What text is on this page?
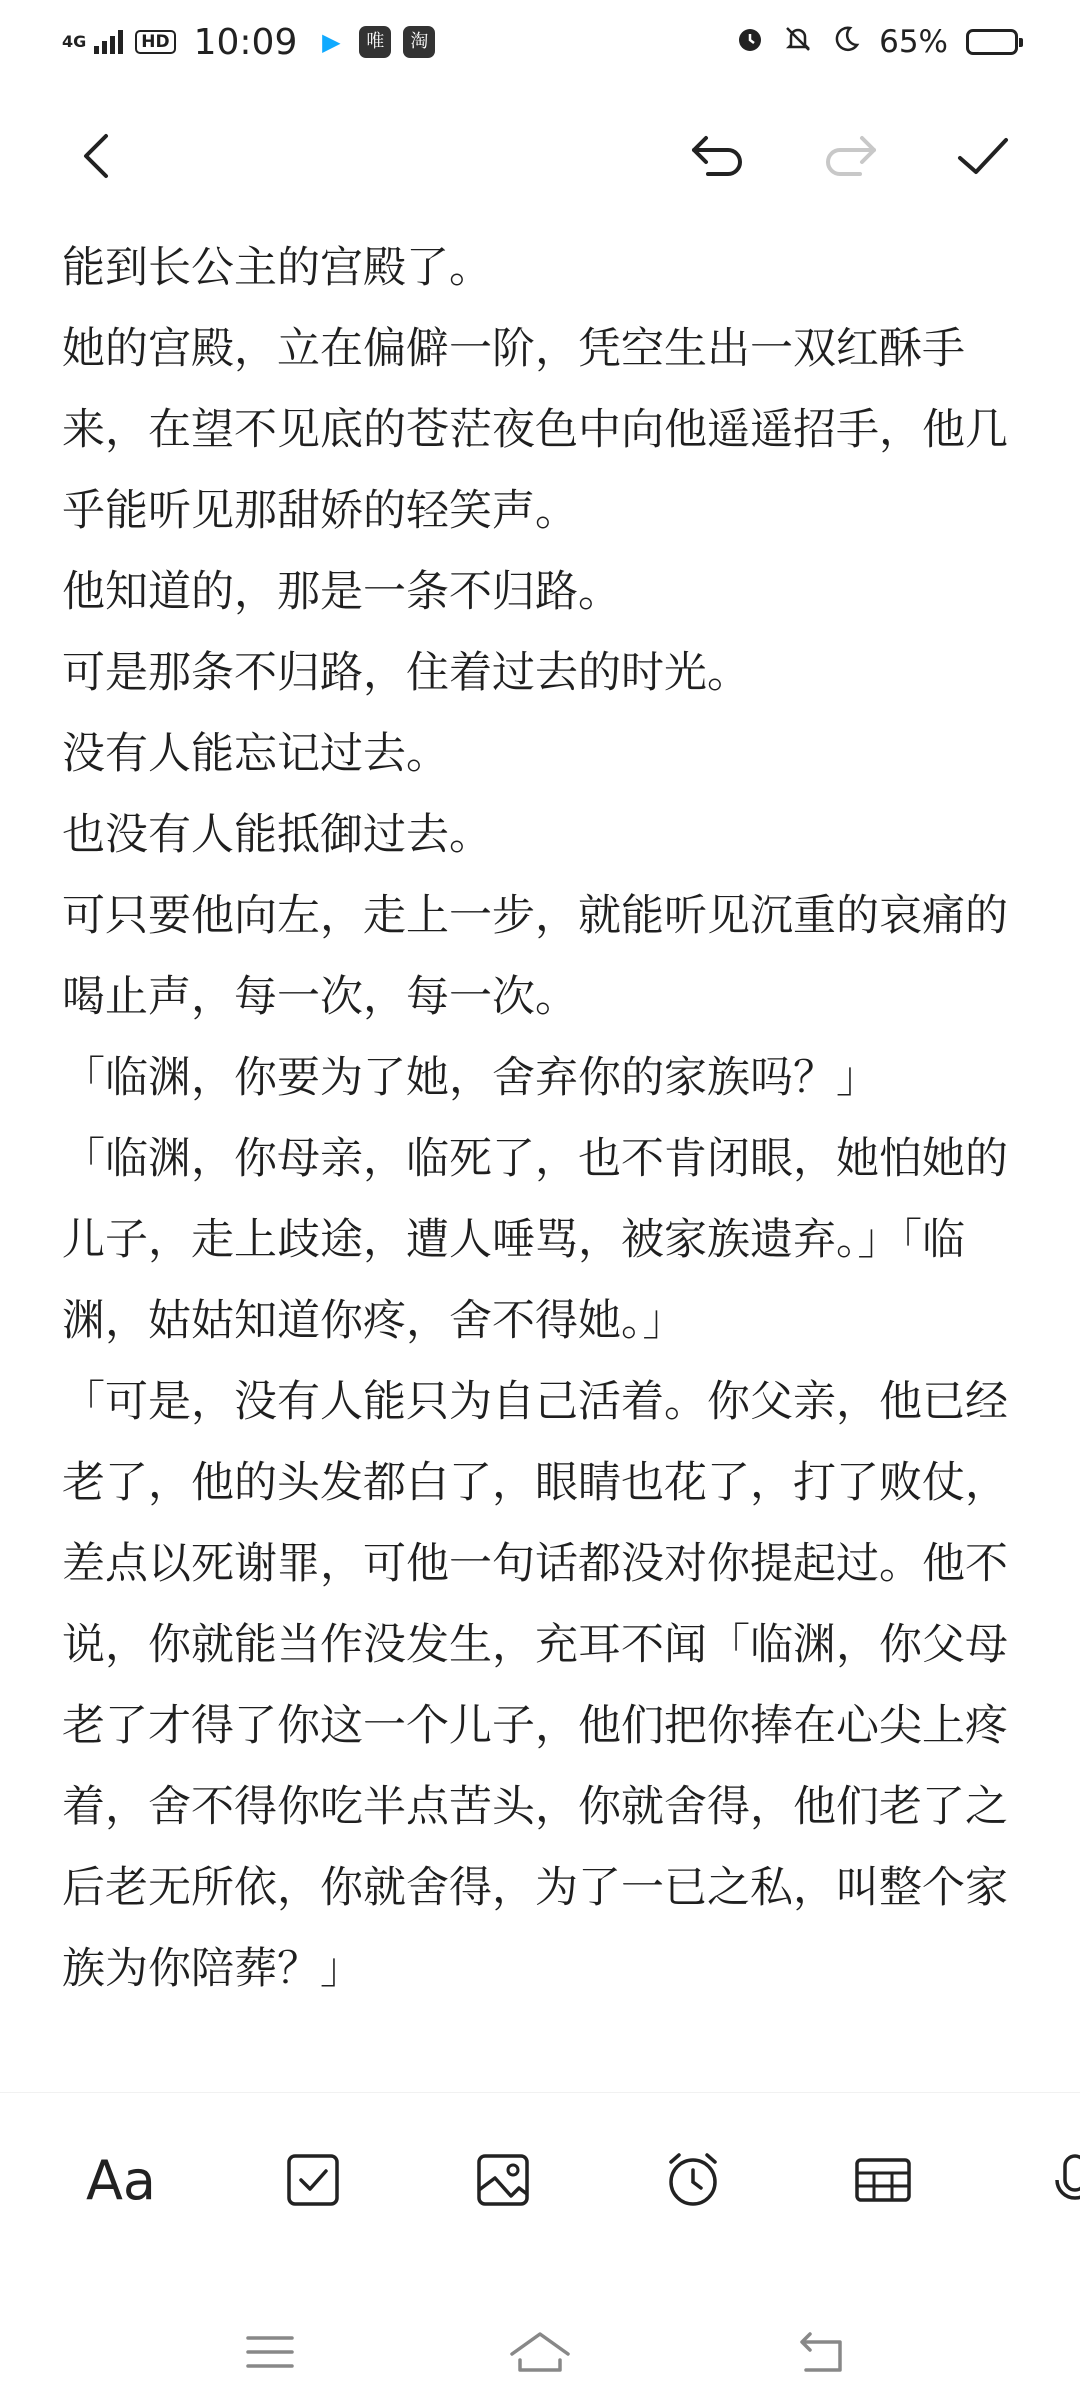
4G	HD 10:09 ▶	唯	淘	65%

能到长公主的宫殿了。

她的宫殿，立在偏僻一阶，凭空生出一双红酥手来，在望不见底的苍茫夜色中向他遥遥招手，他几乎能听见那甜娇的轻笑声。

他知道的，那是一条不归路。

可是那条不归路，住着过去的时光。

没有人能忘记过去。

也没有人能抵御过去。

可只要他向左，走上一步，就能听见沉重的哀痛的喝止声，每一次，每一次。

「临渊，你要为了她，舍弃你的家族吗？」

「临渊，你母亲，临死了，也不肯闭眼，她怕她的儿子，走上歧途，遭人唾骂，被家族遗弃。」「临渊，姑姑知道你疼，舍不得她。」

「可是，没有人能只为自己活着。你父亲，他已经老了，他的头发都白了，眼睛也花了，打了败仗，差点以死谢罪，可他一句话都没对你提起过。他不说，你就能当作没发生，充耳不闻「临渊，你父母老了才得了你这一个儿子，他们把你捧在心尖上疼着，舍不得你吃半点苦头，你就舍得，他们老了之后老无所依，你就舍得，为了一已之私，叫整个家族为你陪葬？」

Aa
